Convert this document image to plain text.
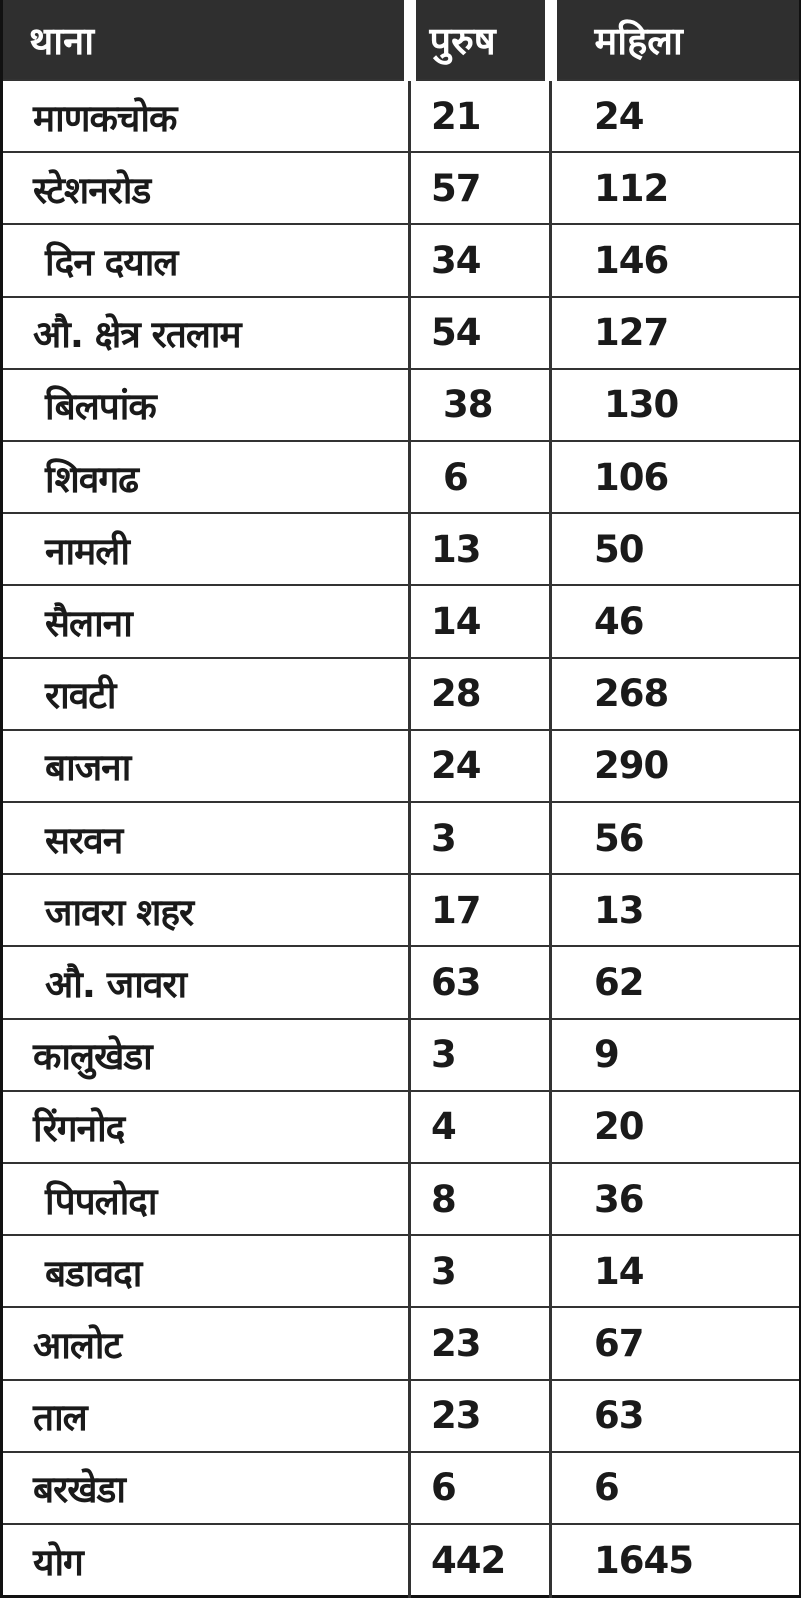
थाना	पुरुष	महिला
माणकचोक	21	24
स्टेशनरोड	57	112
दिन दयाल	34	146
औ. क्षेत्र रतलाम	54	127
बिलपांक	38	130
शिवगढ	6	106
नामली	13	50
सैलाना	14	46
रावटी	28	268
बाजना	24	290
सरवन	3	56
जावरा शहर	17	13
औ. जावरा	63	62
कालुखेडा	3	9
रिंगनोद	4	20
पिपलोदा	8	36
बडावदा	3	14
आलोट	23	67
ताल	23	63
बरखेडा	6	6
योग	442	1645
